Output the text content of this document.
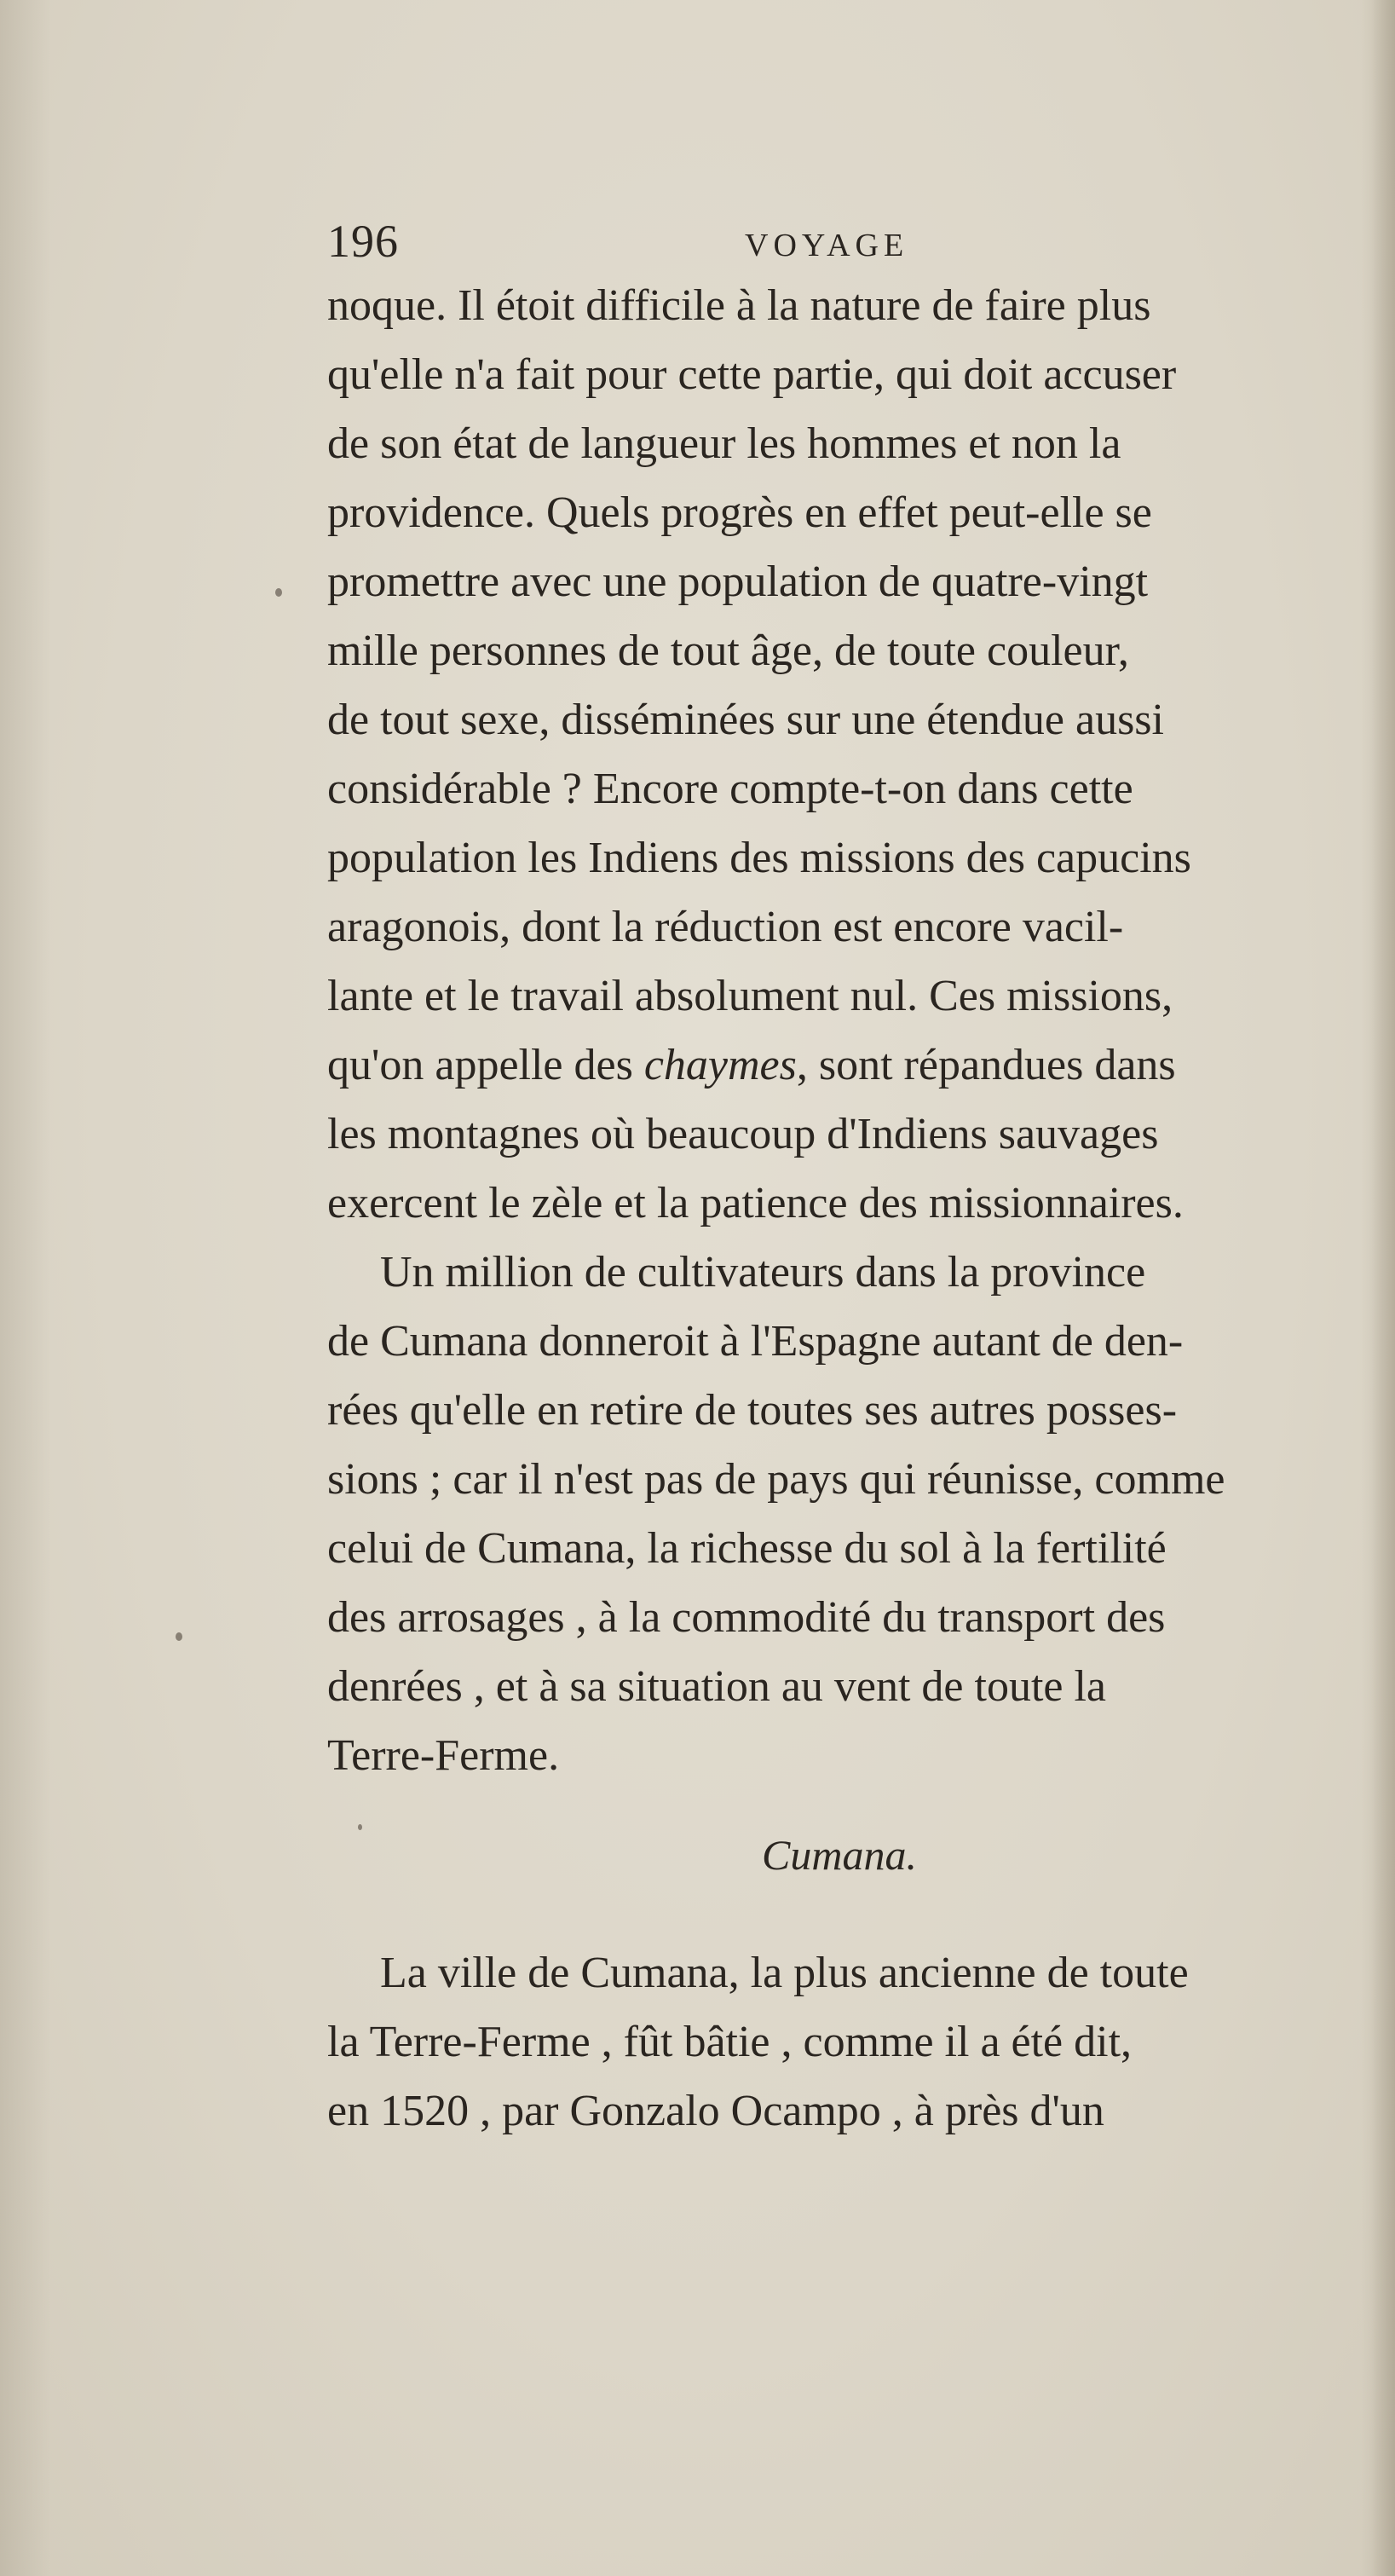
196	VOYAGE
noque. Il étoit difficile à la nature de faire plus
qu'elle n'a fait pour cette partie, qui doit accuser
de son état de langueur les hommes et non la
providence. Quels progrès en effet peut-elle se
promettre avec une population de quatre-vingt
mille personnes de tout âge, de toute couleur,
de tout sexe, disséminées sur une étendue aussi
considérable ? Encore compte-t-on dans cette
population les Indiens des missions des capucins
aragonois, dont la réduction est encore vacil-
lante et le travail absolument nul. Ces missions,
qu'on appelle des chaymes, sont répandues dans
les montagnes où beaucoup d'Indiens sauvages
exercent le zèle et la patience des missionnaires.
Un million de cultivateurs dans la province
de Cumana donneroit à l'Espagne autant de den-
rées qu'elle en retire de toutes ses autres posses-
sions ; car il n'est pas de pays qui réunisse, comme
celui de Cumana, la richesse du sol à la fertilité
des arrosages , à la commodité du transport des
denrées , et à sa situation au vent de toute la
Terre-Ferme.
Cumana.
La ville de Cumana, la plus ancienne de toute
la Terre-Ferme , fût bâtie , comme il a été dit,
en 1520 , par Gonzalo Ocampo , à près d'un
